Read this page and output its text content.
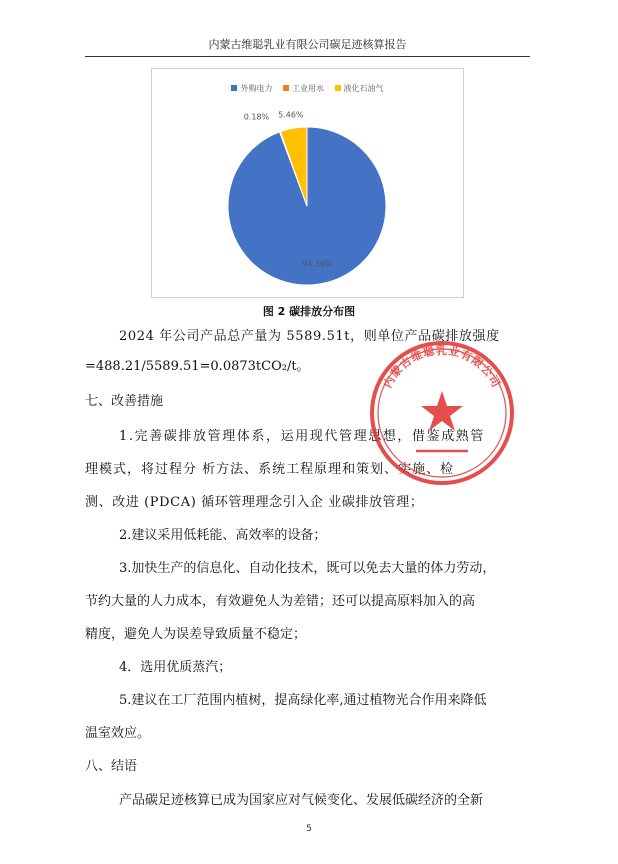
内蒙古维聪乳业有限公司碳足迹核算报告
外购电力 工业用水 液化石油气
94.36%
0.18% 5.46%
图 2 碳排放分布图
2024 年公司产品总产量为 5589.51t，则单位产品碳排放强度
=488.21/5589.51=0.0873tCO₂/t。
七、改善措施
1.完善碳排放管理体系，运用现代管理思想，借鉴成熟管
理模式，将过程分 析方法、系统工程原理和策划、实施、检
测、改进 (PDCA) 循环管理理念引入企 业碳排放管理；
2.建议采用低耗能、高效率的设备；
3.加快生产的信息化、自动化技术，既可以免去大量的体力劳动，
节约大量的人力成本，有效避免人为差错；还可以提高原料加入的高
精度，避免人为误差导致质量不稳定；
4．选用优质蒸汽；
5.建议在工厂范围内植树，提高绿化率,通过植物光合作用来降低
温室效应。
八、结语
产品碳足迹核算已成为国家应对气候变化、发展低碳经济的全新
内蒙古维聪乳业有限公司
5
